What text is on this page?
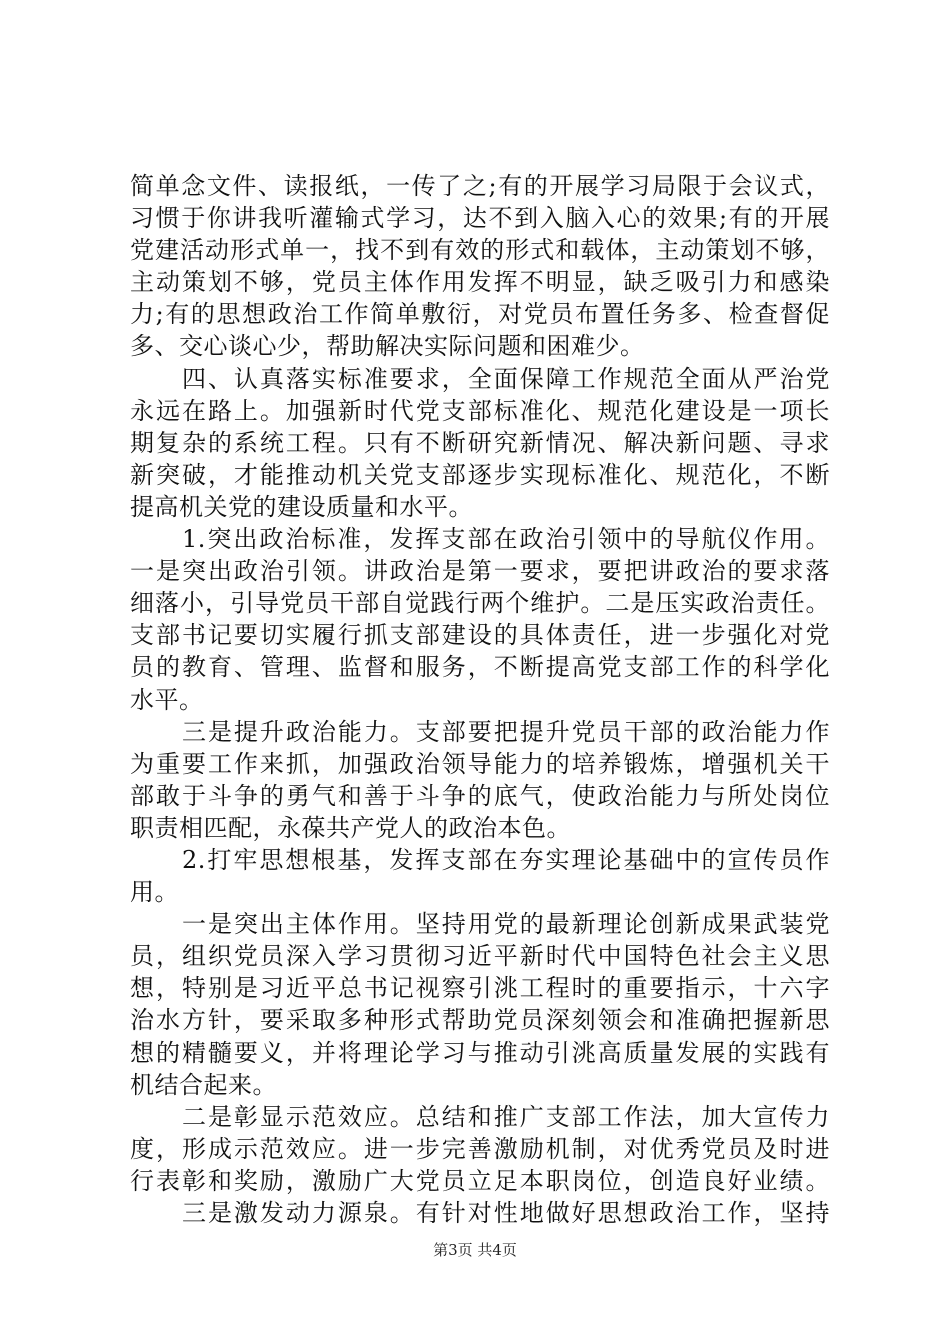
简单念文件、读报纸，一传了之;有的开展学习局限于会议式，
习惯于你讲我听灌输式学习，达不到入脑入心的效果;有的开展
党建活动形式单一，找不到有效的形式和载体，主动策划不够，
主动策划不够，党员主体作用发挥不明显，缺乏吸引力和感染
力;有的思想政治工作简单敷衍，对党员布置任务多、检查督促
多、交心谈心少，帮助解决实际问题和困难少。
　　四、认真落实标准要求，全面保障工作规范全面从严治党
永远在路上。加强新时代党支部标准化、规范化建设是一项长
期复杂的系统工程。只有不断研究新情况、解决新问题、寻求
新突破，才能推动机关党支部逐步实现标准化、规范化，不断
提高机关党的建设质量和水平。
　　1.突出政治标准，发挥支部在政治引领中的导航仪作用。
一是突出政治引领。讲政治是第一要求，要把讲政治的要求落
细落小，引导党员干部自觉践行两个维护。二是压实政治责任。
支部书记要切实履行抓支部建设的具体责任，进一步强化对党
员的教育、管理、监督和服务，不断提高党支部工作的科学化
水平。
　　三是提升政治能力。支部要把提升党员干部的政治能力作
为重要工作来抓，加强政治领导能力的培养锻炼，增强机关干
部敢于斗争的勇气和善于斗争的底气，使政治能力与所处岗位
职责相匹配，永葆共产党人的政治本色。
　　2.打牢思想根基，发挥支部在夯实理论基础中的宣传员作
用。
　　一是突出主体作用。坚持用党的最新理论创新成果武装党
员，组织党员深入学习贯彻习近平新时代中国特色社会主义思
想，特别是习近平总书记视察引洮工程时的重要指示，十六字
治水方针，要采取多种形式帮助党员深刻领会和准确把握新思
想的精髓要义，并将理论学习与推动引洮高质量发展的实践有
机结合起来。
　　二是彰显示范效应。总结和推广支部工作法，加大宣传力
度，形成示范效应。进一步完善激励机制，对优秀党员及时进
行表彰和奖励，激励广大党员立足本职岗位，创造良好业绩。
　　三是激发动力源泉。有针对性地做好思想政治工作，坚持
第3页 共4页
